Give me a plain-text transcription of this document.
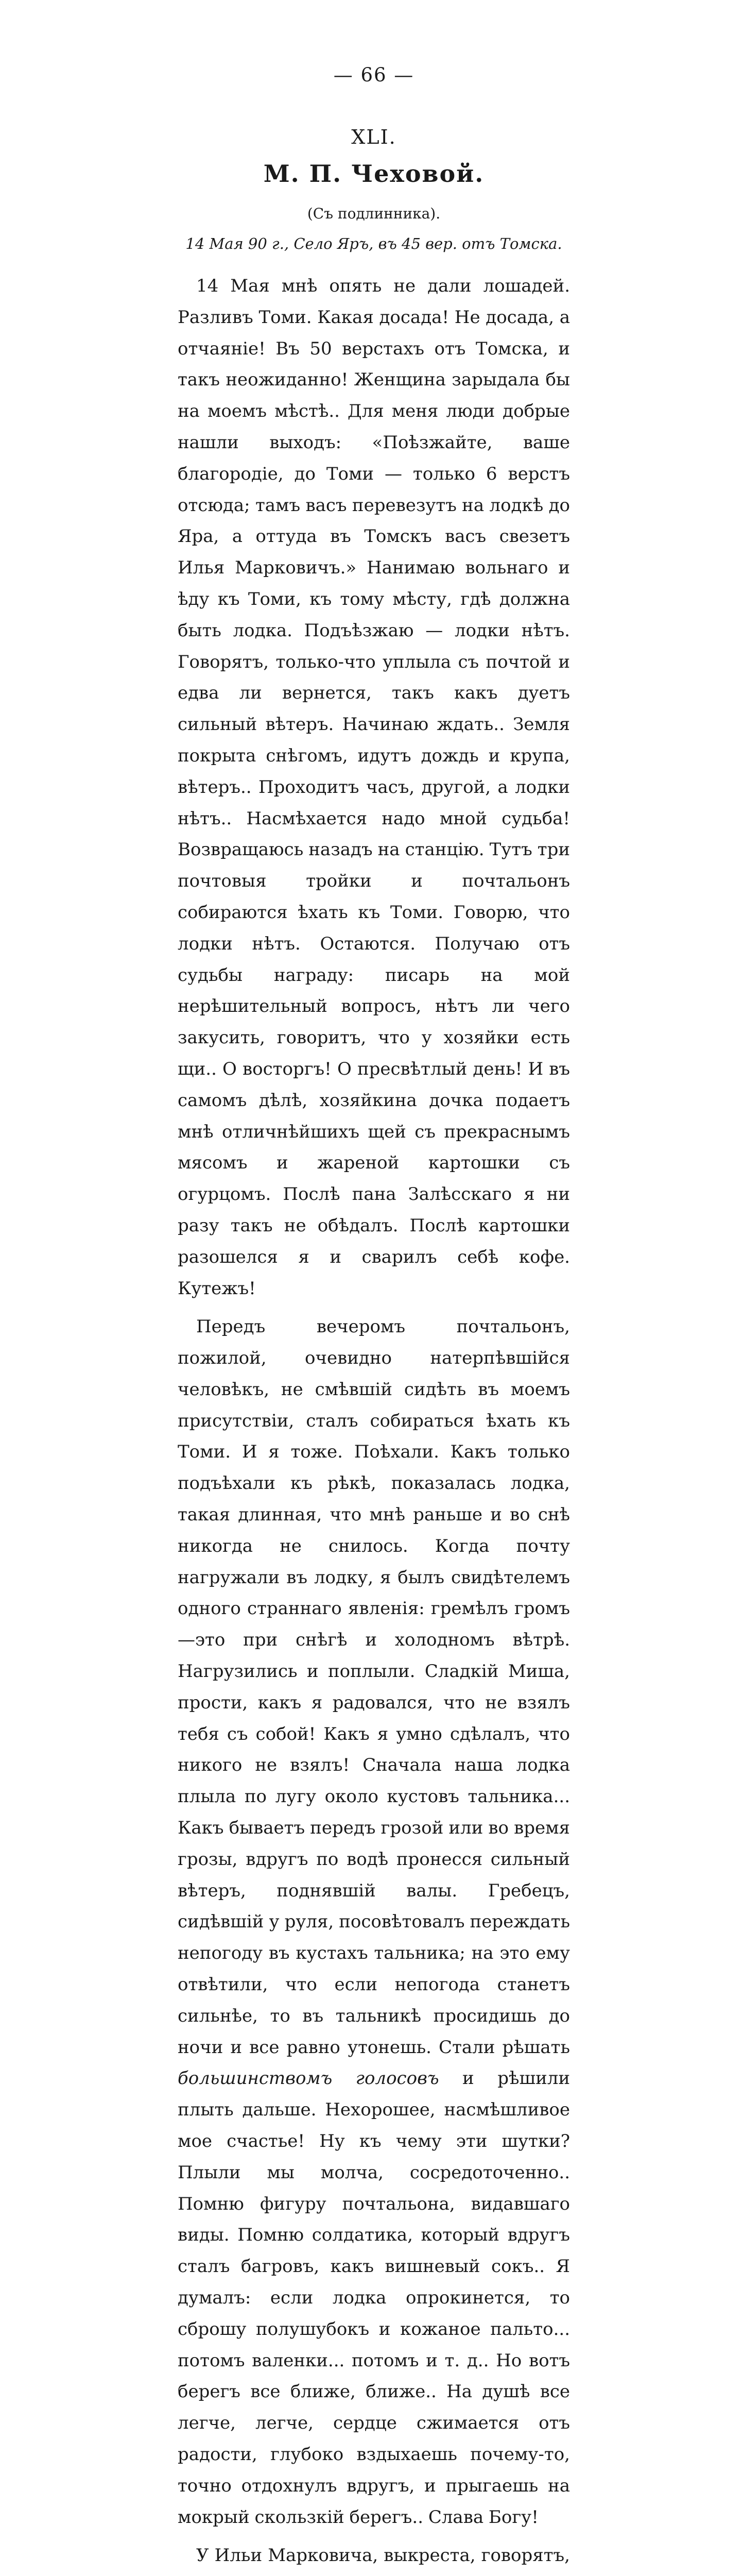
— 66 —
XLI.
М. П. Чеховой.
(Съ подлинника).
14 Мая 90 г., Село Яръ, въ 45 вер. отъ Томска.

14 Мая мнѣ опять не дали лошадей. Разливъ Томи. Какая досада! Не досада, а отчаяніе! Въ 50 верстахъ отъ Томска, и такъ неожиданно! Женщина зарыдала бы на моемъ мѣстѣ.. Для меня люди добрые нашли выходъ: «Поѣзжайте, ваше благородіе, до Томи — только 6 верстъ отсюда; тамъ васъ перевезутъ на лодкѣ до Яра, а оттуда въ Томскъ васъ свезетъ Илья Марковичъ.» Нанимаю вольнаго и ѣду къ Томи, къ тому мѣсту, гдѣ должна быть лодка. Подъѣзжаю — лодки нѣтъ. Говорятъ, только-что уплыла съ почтой и едва ли вернется, такъ какъ дуетъ сильный вѣтеръ. Начинаю ждать.. Земля покрыта снѣгомъ, идутъ дождь и крупа, вѣтеръ.. Проходитъ часъ, другой, а лодки нѣтъ.. Насмѣхается надо мной судьба! Возвращаюсь назадъ на станцію. Тутъ три почтовыя тройки и почтальонъ собираются ѣхать къ Томи. Говорю, что лодки нѣтъ. Остаются. Получаю отъ судьбы награду: писарь на мой нерѣшительный вопросъ, нѣтъ ли чего закусить, говоритъ, что у хозяйки есть щи.. О восторгъ! О пресвѣтлый день! И въ самомъ дѣлѣ, хозяйкина дочка подаетъ мнѣ отличнѣйшихъ щей съ прекраснымъ мясомъ и жареной картошки съ огурцомъ. Послѣ пана Залѣсскаго я ни разу такъ не обѣдалъ. Послѣ картошки разошелся я и сварилъ себѣ кофе. Кутежъ!

Передъ вечеромъ почтальонъ, пожилой, очевидно натерпѣвшійся человѣкъ, не смѣвшій сидѣть въ моемъ присутствіи, сталъ собираться ѣхать къ Томи. И я тоже. Поѣхали. Какъ только подъѣхали къ рѣкѣ, показалась лодка, такая длинная, что мнѣ раньше и во снѣ никогда не снилось. Когда почту нагружали въ лодку, я былъ свидѣтелемъ одного страннаго явленія: гремѣлъ громъ—это при снѣгѣ и холодномъ вѣтрѣ. Нагрузились и поплыли. Сладкій Миша, прости, какъ я радовался, что не взялъ тебя съ собой! Какъ я умно сдѣлалъ, что никого не взялъ! Сначала наша лодка плыла по лугу около кустовъ тальника... Какъ бываетъ передъ грозой или во время грозы, вдругъ по водѣ пронесся сильный вѣтеръ, поднявшій валы. Гребецъ, сидѣвшій у руля, посовѣтовалъ переждать непогоду въ кустахъ тальника; на это ему отвѣтили, что если непогода станетъ сильнѣе, то въ тальникѣ просидишь до ночи и все равно утонешь. Стали рѣшать большинствомъ голосовъ и рѣшили плыть дальше. Нехорошее, насмѣшливое мое счастье! Ну къ чему эти шутки? Плыли мы молча, сосредоточенно.. Помню фигуру почтальона, видавшаго виды. Помню солдатика, который вдругъ сталъ багровъ, какъ вишневый сокъ.. Я думалъ: если лодка опрокинется, то сброшу полушубокъ и кожаное пальто... потомъ валенки... потомъ и т. д.. Но вотъ берегъ все ближе, ближе.. На душѣ все легче, легче, сердце сжимается отъ радости, глубоко вздыхаешь почему-то, точно отдохнулъ вдругъ, и прыгаешь на мокрый скользкій берегъ.. Слава Богу!

У Ильи Марковича, выкреста, говорятъ,
